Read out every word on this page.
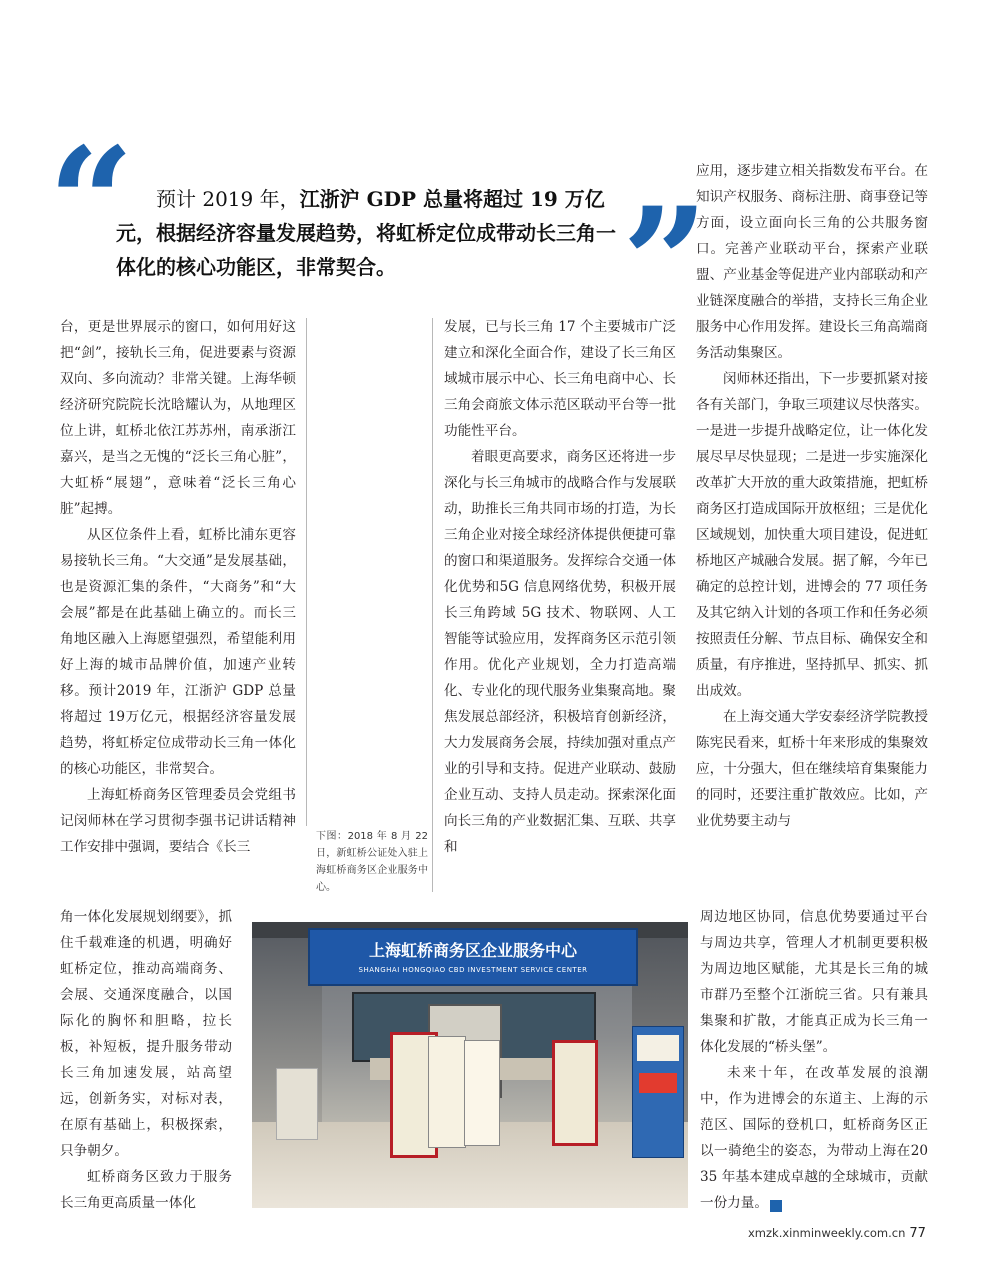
“	预计 2019 年，江浙沪 GDP 总量将超过 19 万亿元，根据经济容量发展趋势，将虹桥定位成带动长三角一体化的核心功能区，非常契合。	”

台，更是世界展示的窗口，如何用好这把“剑”，接轨长三角，促进要素与资源双向、多向流动？非常关键。上海华顿经济研究院院长沈晗耀认为，从地理区位上讲，虹桥北依江苏苏州，南承浙江嘉兴，是当之无愧的“泛长三角心脏”，大虹桥“展翅”，意味着“泛长三角心脏”起搏。

从区位条件上看，虹桥比浦东更容易接轨长三角。“大交通”是发展基础，也是资源汇集的条件，“大商务”和“大会展”都是在此基础上确立的。而长三角地区融入上海愿望强烈，希望能利用好上海的城市品牌价值，加速产业转移。预计2019 年，江浙沪 GDP 总量将超过 19万亿元，根据经济容量发展趋势，将虹桥定位成带动长三角一体化的核心功能区，非常契合。

上海虹桥商务区管理委员会党组书记闵师林在学习贯彻李强书记讲话精神工作安排中强调，要结合《长三

角一体化发展规划纲要》，抓住千载难逢的机遇，明确好虹桥定位，推动高端商务、会展、交通深度融合，以国际化的胸怀和胆略，拉长板，补短板，提升服务带动长三角加速发展，站高望远，创新务实，对标对表，在原有基础上，积极探索，只争朝夕。

虹桥商务区致力于服务长三角更高质量一体化

下图：2018 年 8 月 22 日，新虹桥公证处入驻上海虹桥商务区企业服务中心。

发展，已与长三角 17 个主要城市广泛建立和深化全面合作，建设了长三角区域城市展示中心、长三角电商中心、长三角会商旅文体示范区联动平台等一批功能性平台。

着眼更高要求，商务区还将进一步深化与长三角城市的战略合作与发展联动，助推长三角共同市场的打造，为长三角企业对接全球经济体提供便捷可靠的窗口和渠道服务。发挥综合交通一体化优势和5G 信息网络优势，积极开展长三角跨域 5G 技术、物联网、人工智能等试验应用，发挥商务区示范引领作用。优化产业规划，全力打造高端化、专业化的现代服务业集聚高地。聚焦发展总部经济，积极培育创新经济，大力发展商务会展，持续加强对重点产业的引导和支持。促进产业联动、鼓励企业互动、支持人员走动。探索深化面向长三角的产业数据汇集、互联、共享和

应用，逐步建立相关指数发布平台。在知识产权服务、商标注册、商事登记等方面，设立面向长三角的公共服务窗口。完善产业联动平台，探索产业联盟、产业基金等促进产业内部联动和产业链深度融合的举措，支持长三角企业服务中心作用发挥。建设长三角高端商务活动集聚区。

闵师林还指出，下一步要抓紧对接各有关部门，争取三项建议尽快落实。一是进一步提升战略定位，让一体化发展尽早尽快显现；二是进一步实施深化改革扩大开放的重大政策措施，把虹桥商务区打造成国际开放枢纽；三是优化区域规划，加快重大项目建设，促进虹桥地区产城融合发展。据了解，今年已确定的总控计划，进博会的 77 项任务及其它纳入计划的各项工作和任务必须按照责任分解、节点目标、确保安全和质量，有序推进，坚持抓早、抓实、抓出成效。

在上海交通大学安泰经济学院教授陈宪民看来，虹桥十年来形成的集聚效应，十分强大，但在继续培育集聚能力的同时，还要注重扩散效应。比如，产业优势要主动与

周边地区协同，信息优势要通过平台与周边共享，管理人才机制更要积极为周边地区赋能，尤其是长三角的城市群乃至整个江浙皖三省。只有兼具集聚和扩散，才能真正成为长三角一体化发展的“桥头堡”。

未来十年，在改革发展的浪潮中，作为进博会的东道主、上海的示范区、国际的登机口，虹桥商务区正以一骑绝尘的姿态，为带动上海在2035 年基本建成卓越的全球城市，贡献一份力量。	民

上海虹桥商务区企业服务中心
SHANGHAI HONGQIAO CBD INVESTMENT SERVICE CENTER
xmzk.xinminweekly.com.cn 77
